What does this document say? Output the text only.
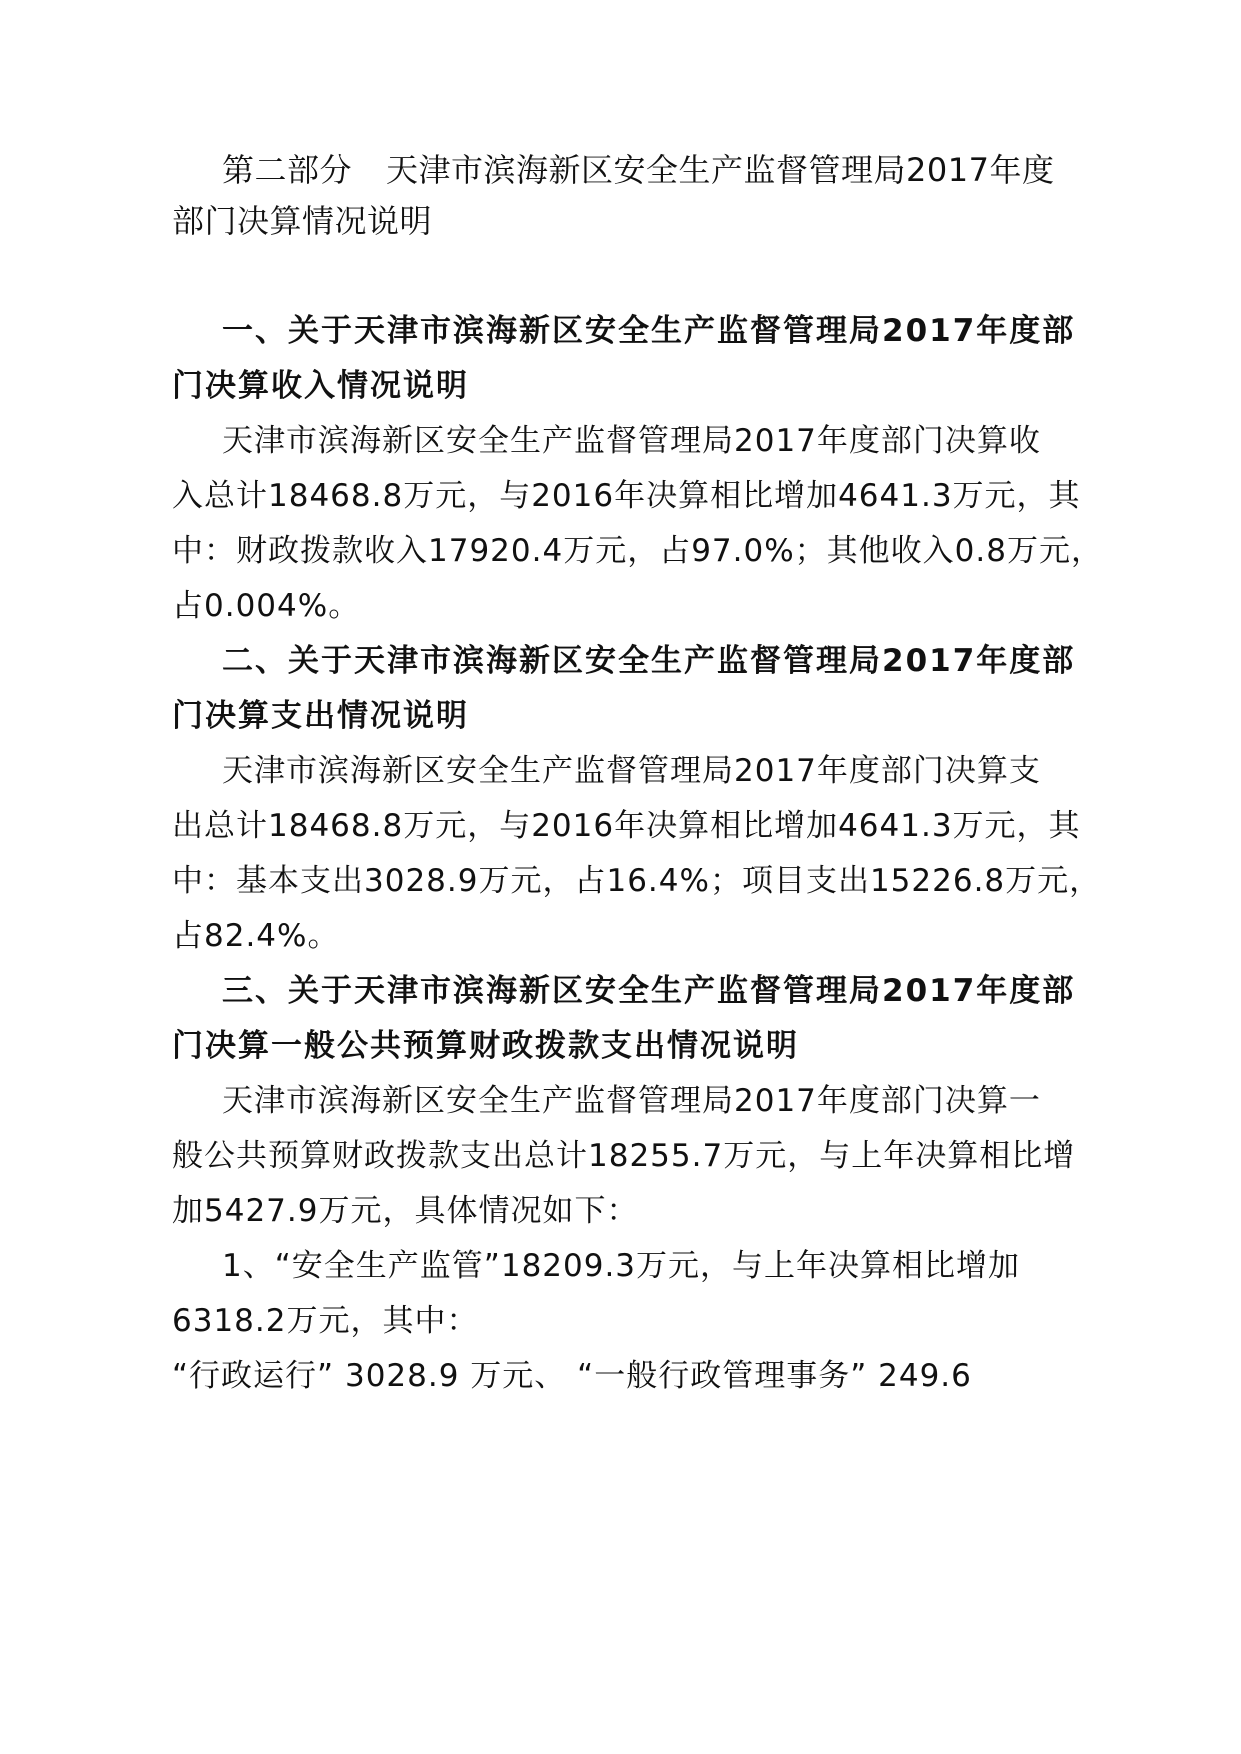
第二部分 天津市滨海新区安全生产监督管理局2017年度

部门决算情况说明

一、关于天津市滨海新区安全生产监督管理局2017年度部

门决算收入情况说明

天津市滨海新区安全生产监督管理局2017年度部门决算收

入总计18468.8万元，与2016年决算相比增加4641.3万元，其

中：财政拨款收入17920.4万元，占97.0%；其他收入0.8万元，

占0.004%。

二、关于天津市滨海新区安全生产监督管理局2017年度部

门决算支出情况说明

天津市滨海新区安全生产监督管理局2017年度部门决算支

出总计18468.8万元，与2016年决算相比增加4641.3万元，其

中：基本支出3028.9万元，占16.4%；项目支出15226.8万元，

占82.4%。

三、关于天津市滨海新区安全生产监督管理局2017年度部

门决算一般公共预算财政拨款支出情况说明

天津市滨海新区安全生产监督管理局2017年度部门决算一

般公共预算财政拨款支出总计18255.7万元，与上年决算相比增

加5427.9万元，具体情况如下：

1、“安全生产监管”18209.3万元，与上年决算相比增加

6318.2万元，其中：

“行政运行” 3028.9 万元、 “一般行政管理事务” 249.6
